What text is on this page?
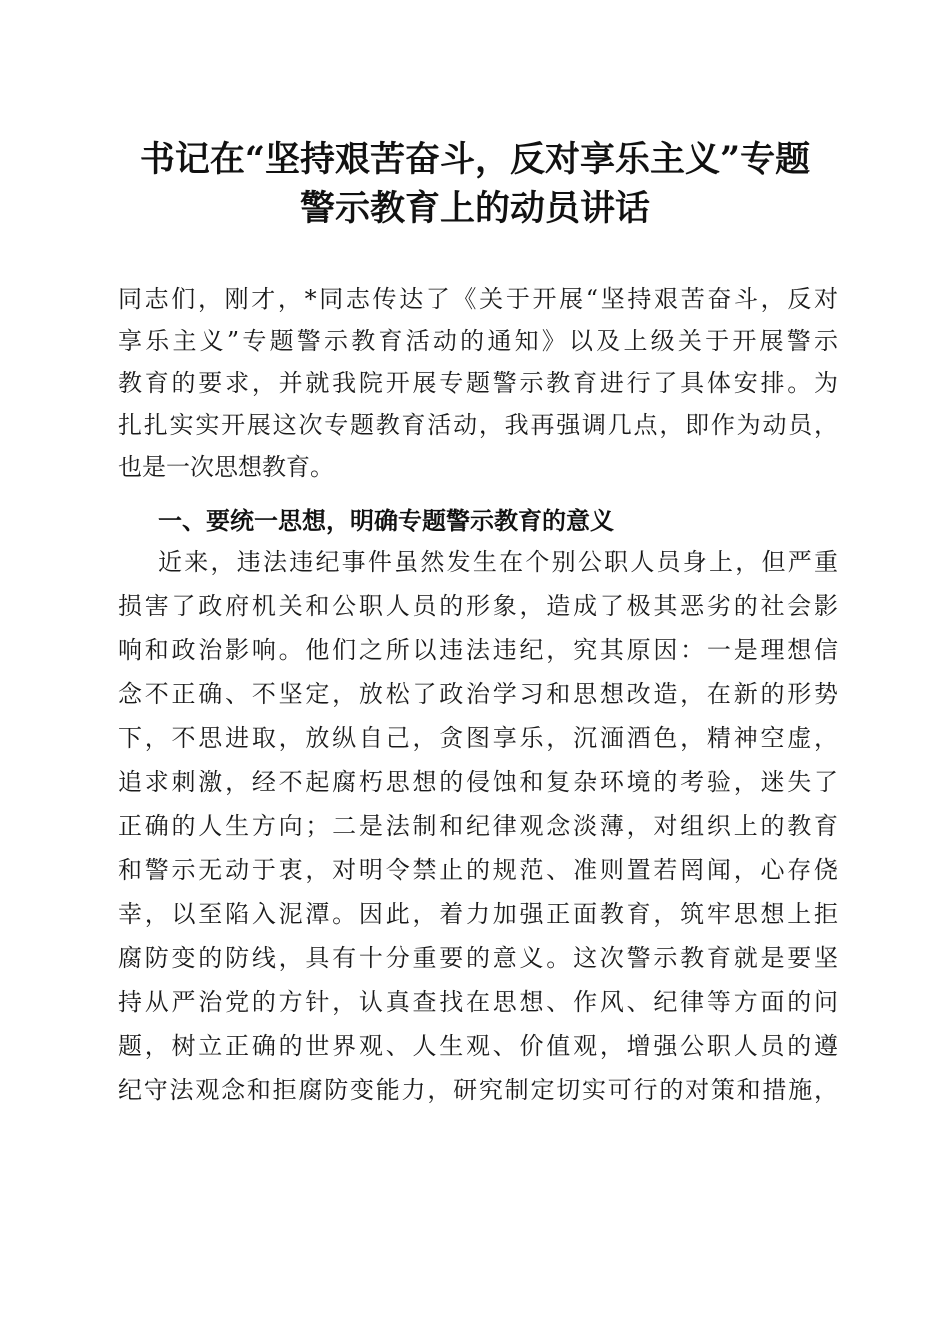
书记在“坚持艰苦奋斗，反对享乐主义”专题
警示教育上的动员讲话
同志们，刚才，*同志传达了《关于开展“坚持艰苦奋斗，反对
享乐主义”专题警示教育活动的通知》以及上级关于开展警示
教育的要求，并就我院开展专题警示教育进行了具体安排。为
扎扎实实开展这次专题教育活动，我再强调几点，即作为动员，
也是一次思想教育。
一、要统一思想，明确专题警示教育的意义
近来，违法违纪事件虽然发生在个别公职人员身上，但严重
损害了政府机关和公职人员的形象，造成了极其恶劣的社会影
响和政治影响。他们之所以违法违纪，究其原因：一是理想信
念不正确、不坚定，放松了政治学习和思想改造，在新的形势
下，不思进取，放纵自己，贪图享乐，沉湎酒色，精神空虚，
追求刺激，经不起腐朽思想的侵蚀和复杂环境的考验，迷失了
正确的人生方向；二是法制和纪律观念淡薄，对组织上的教育
和警示无动于衷，对明令禁止的规范、准则置若罔闻，心存侥
幸，以至陷入泥潭。因此，着力加强正面教育，筑牢思想上拒
腐防变的防线，具有十分重要的意义。这次警示教育就是要坚
持从严治党的方针，认真查找在思想、作风、纪律等方面的问
题，树立正确的世界观、人生观、价值观，增强公职人员的遵
纪守法观念和拒腐防变能力，研究制定切实可行的对策和措施，
